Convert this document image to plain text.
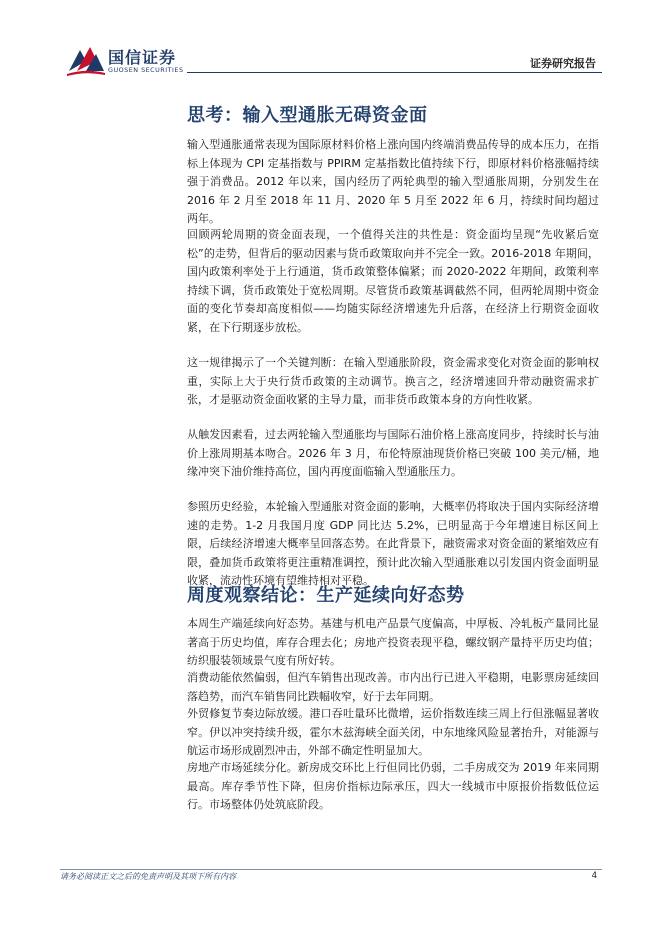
国信证券
GUOSEN SECURITIES	证券研究报告
思考：输入型通胀无碍资金面

输入型通胀通常表现为国际原材料价格上涨向国内终端消费品传导的成本压力，在指标上体现为 CPI 定基指数与 PPIRM 定基指数比值持续下行，即原材料价格涨幅持续强于消费品。2012 年以来，国内经历了两轮典型的输入型通胀周期，分别发生在 2016 年 2 月至 2018 年 11 月、2020 年 5 月至 2022 年 6 月，持续时间均超过两年。

回顾两轮周期的资金面表现，一个值得关注的共性是：资金面均呈现“先收紧后宽松”的走势，但背后的驱动因素与货币政策取向并不完全一致。2016-2018 年期间，国内政策利率处于上行通道，货币政策整体偏紧；而 2020-2022 年期间，政策利率持续下调，货币政策处于宽松周期。尽管货币政策基调截然不同，但两轮周期中资金面的变化节奏却高度相似——均随实际经济增速先升后落，在经济上行期资金面收紧，在下行期逐步放松。

这一规律揭示了一个关键判断：在输入型通胀阶段，资金需求变化对资金面的影响权重，实际上大于央行货币政策的主动调节。换言之，经济增速回升带动融资需求扩张，才是驱动资金面收紧的主导力量，而非货币政策本身的方向性收紧。

从触发因素看，过去两轮输入型通胀均与国际石油价格上涨高度同步，持续时长与油价上涨周期基本吻合。2026 年 3 月，布伦特原油现货价格已突破 100 美元/桶，地缘冲突下油价维持高位，国内再度面临输入型通胀压力。

参照历史经验，本轮输入型通胀对资金面的影响，大概率仍将取决于国内实际经济增速的走势。1-2 月我国月度 GDP 同比达 5.2%，已明显高于今年增速目标区间上限，后续经济增速大概率呈回落态势。在此背景下，融资需求对资金面的紧缩效应有限，叠加货币政策将更注重精准调控，预计此次输入型通胀难以引发国内资金面明显收紧，流动性环境有望维持相对平稳。

周度观察结论：生产延续向好态势

本周生产端延续向好态势。基建与机电产品景气度偏高，中厚板、冷轧板产量同比显著高于历史均值，库存合理去化；房地产投资表现平稳，螺纹钢产量持平历史均值；纺织服装领域景气度有所好转。

消费动能依然偏弱，但汽车销售出现改善。市内出行已进入平稳期，电影票房延续回落趋势，而汽车销售同比跌幅收窄，好于去年同期。

外贸修复节奏边际放缓。港口吞吐量环比微增，运价指数连续三周上行但涨幅显著收窄。伊以冲突持续升级，霍尔木兹海峡全面关闭，中东地缘风险显著抬升，对能源与航运市场形成剧烈冲击，外部不确定性明显加大。

房地产市场延续分化。新房成交环比上行但同比仍弱，二手房成交为 2019 年来同期最高。库存季节性下降，但房价指标边际承压，四大一线城市中原报价指数低位运行。市场整体仍处筑底阶段。

请务必阅读正文之后的免责声明及其项下所有内容	4
